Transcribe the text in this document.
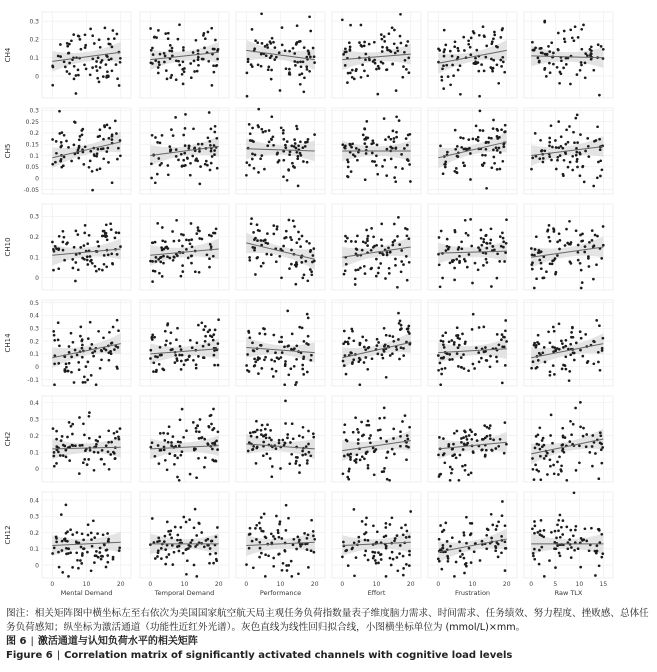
CH4
0
0.1
0.2
0.3
CH5
-0.05
0
0.05
0.1
0.15
0.2
0.25
0.3
CH10
0
0.1
0.2
0.3
CH14
-0.1
0
0.1
0.2
0.3
0.4
0.5
CH2
0
0.1
0.2
0.3
0.4
CH12
0
0.1
0.2
0.3
0.4
0	10	20
Mental Demand
0	10	20
Temporal Demand
0	10	20
Performance
0	10	20
Effort
0	10	20
Frustration
0	5	10	15
Raw TLX

图注：相关矩阵图中横坐标左至右依次为美国国家航空航天局主观任务负荷指数量表子维度脑力需求、时间需求、任务绩效、努力程度、挫败感、总体任务负荷感知；纵坐标为激活通道（功能性近红外光谱）。灰色直线为线性回归拟合线，小图横坐标单位为 (mmol/L)×mm。

图 6 | 激活通道与认知负荷水平的相关矩阵

Figure 6 | Correlation matrix of significantly activated channels with cognitive load levels
